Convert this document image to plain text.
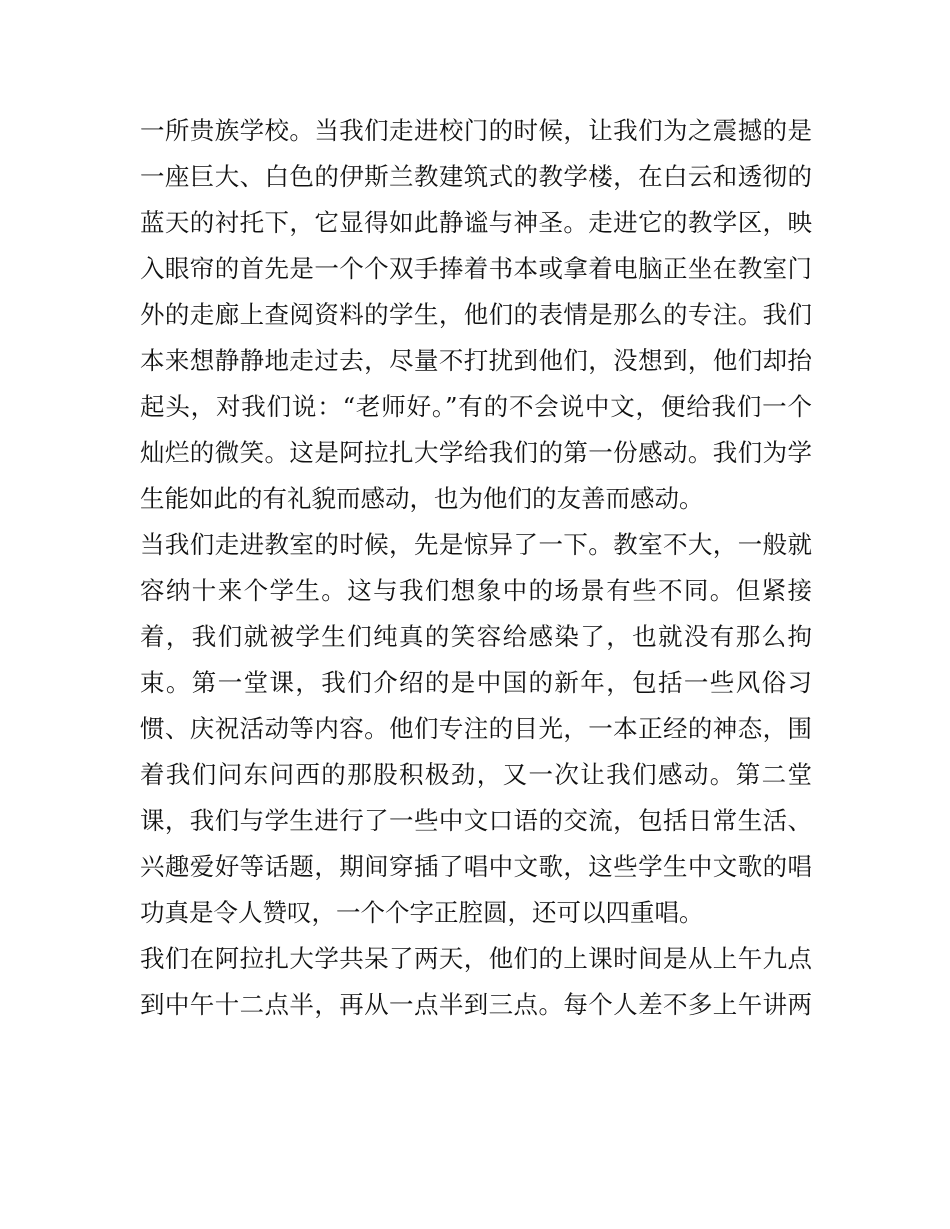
一所贵族学校。当我们走进校门的时候，让我们为之震撼的是
一座巨大、白色的伊斯兰教建筑式的教学楼，在白云和透彻的
蓝天的衬托下，它显得如此静谧与神圣。走进它的教学区，映
入眼帘的首先是一个个双手捧着书本或拿着电脑正坐在教室门
外的走廊上查阅资料的学生，他们的表情是那么的专注。我们
本来想静静地走过去，尽量不打扰到他们，没想到，他们却抬
起头，对我们说：“老师好。”有的不会说中文，便给我们一个
灿烂的微笑。这是阿拉扎大学给我们的第一份感动。我们为学
生能如此的有礼貌而感动，也为他们的友善而感动。
当我们走进教室的时候，先是惊异了一下。教室不大，一般就
容纳十来个学生。这与我们想象中的场景有些不同。但紧接
着，我们就被学生们纯真的笑容给感染了，也就没有那么拘
束。第一堂课，我们介绍的是中国的新年，包括一些风俗习
惯、庆祝活动等内容。他们专注的目光，一本正经的神态，围
着我们问东问西的那股积极劲，又一次让我们感动。第二堂
课，我们与学生进行了一些中文口语的交流，包括日常生活、
兴趣爱好等话题，期间穿插了唱中文歌，这些学生中文歌的唱
功真是令人赞叹，一个个字正腔圆，还可以四重唱。
我们在阿拉扎大学共呆了两天，他们的上课时间是从上午九点
到中午十二点半，再从一点半到三点。每个人差不多上午讲两
